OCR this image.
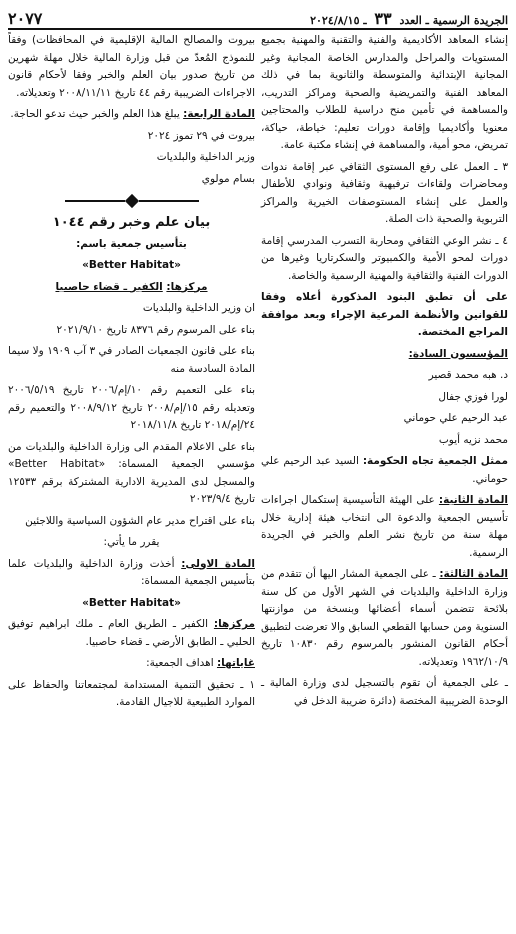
الجريدة الرسمية ـ العدد ٣٣ ـ ٢٠٢٤/٨/١٥
٢٠٧٧

إنشاء المعاهد الأكاديمية والفنية والتقنية والمهنية بجميع المستويات والمراحل والمدارس الخاصة المجانية وغير المجانية الإبتدائية والمتوسطة والثانوية بما في ذلك المعاهد الفنية والتمريضية والصحية ومراكز التدريب، والمساهمة في تأمين منح دراسية للطلاب والمحتاجين معنويا وأكاديميا وإقامة دورات تعليم: خياطة، حياكة، تمريض، محو أمية، والمساهمة في إنشاء مكتبة عامة.

٣ ـ العمل على رفع المستوى الثقافي عبر إقامة ندوات ومحاضرات ولقاءات ترفيهية وثقافية ونوادي للأطفال والعمل على إنشاء المستوصفات الخيرية والمراكز التربوية والصحية ذات الصلة.

٤ ـ نشر الوعي الثقافي ومحاربة التسرب المدرسي إقامة دورات لمحو الأمية والكمبيوتر والسكرتاريا وغيرها من الدورات الفنية والثقافية والمهنية الرسمية والخاصة.

على أن تطبق البنود المذكورة أعلاه وفقا للقوانين والأنظمة المرعية الإجراء وبعد موافقة المراجع المختصة.

المؤسسون السادة:

د. هبه محمد قصير

لورا فوزي جفال

عبد الرحيم علي حوماني

محمد نزيه أيوب

ممثل الجمعية تجاه الحكومة: السيد عبد الرحيم علي حوماني.

المادة الثانية: على الهيئة التأسيسية إستكمال اجراءات تأسيس الجمعية والدعوة الى انتخاب هيئة إدارية خلال مهلة سنة من تاريخ نشر العلم والخبر في الجريدة الرسمية.

المادة الثالثة: ـ على الجمعية المشار اليها أن تتقدم من وزارة الداخلية والبلديات في الشهر الأول من كل سنة بلائحة تتضمن أسماء أعضائها وبنسخة من موازنتها السنوية ومن حسابها القطعي السابق والا تعرضت لتطبيق أحكام القانون المنشور بالمرسوم رقم ١٠٨٣٠ تاريخ ١٩٦٢/١٠/٩ وتعديلاته.

ـ على الجمعية أن تقوم بالتسجيل لدى وزارة المالية ـ الوحدة الضريبية المختصة (دائرة ضريبة الدخل في

بيروت والمصالح المالية الإقليمية في المحافظات) وفقاً للنموذج المُعدّ من قبل وزارة المالية خلال مهلة شهرين من تاريخ صدور بيان العلم والخبر وفقا لأحكام قانون الاجراءات الضريبية رقم ٤٤ تاريخ ٢٠٠٨/١١/١١ وتعديلاته.

المادة الرابعة: يبلغ هذا العلم والخبر حيث تدعو الحاجة.

بيروت في ٢٩ تموز ٢٠٢٤

وزير الداخلية والبلديات

بسام مولوي

بيان علم وخبر رقم ١٠٤٤

بتأسيس جمعية باسم:

«Better Habitat»

مركزها: الكفير ـ قضاء حاصبيا

ان وزير الداخلية والبلديات

بناء على المرسوم رقم ٨٣٧٦ تاريخ ٢٠٢١/٩/١٠

بناء على قانون الجمعيات الصادر في ٣ آب ١٩٠٩ ولا سيما المادة السادسة منه

بناء على التعميم رقم ١٠/إم/٢٠٠٦ تاريخ ٢٠٠٦/٥/١٩ وتعديله رقم ١٥/إم/٢٠٠٨ تاريخ ٢٠٠٨/٩/١٢ والتعميم رقم ٢٤/إم/٢٠١٨ تاريخ ٢٠١٨/١١/٨

بناء على الاعلام المقدم الى وزارة الداخلية والبلديات من مؤسسي الجمعية المسماة: «Better Habitat» والمسجل لدى المديرية الادارية المشتركة برقم ١٢٥٣٣ تاريخ ٢٠٢٣/٩/٤

بناء على اقتراح مدير عام الشؤون السياسية واللاجئين

يقرر ما يأتي:

المادة الاولى: أخذت وزارة الداخلية والبلديات علما بتأسيس الجمعية المسماة:

«Better Habitat»

مركزها: الكفير ـ الطريق العام ـ ملك ابراهيم توفيق الحلبي ـ الطابق الأرضي ـ قضاء حاصبيا.

غاياتها: اهداف الجمعية:

١ ـ تحقيق التنمية المستدامة لمجتمعاتنا والحفاظ على الموارد الطبيعية للاجيال القادمة.
